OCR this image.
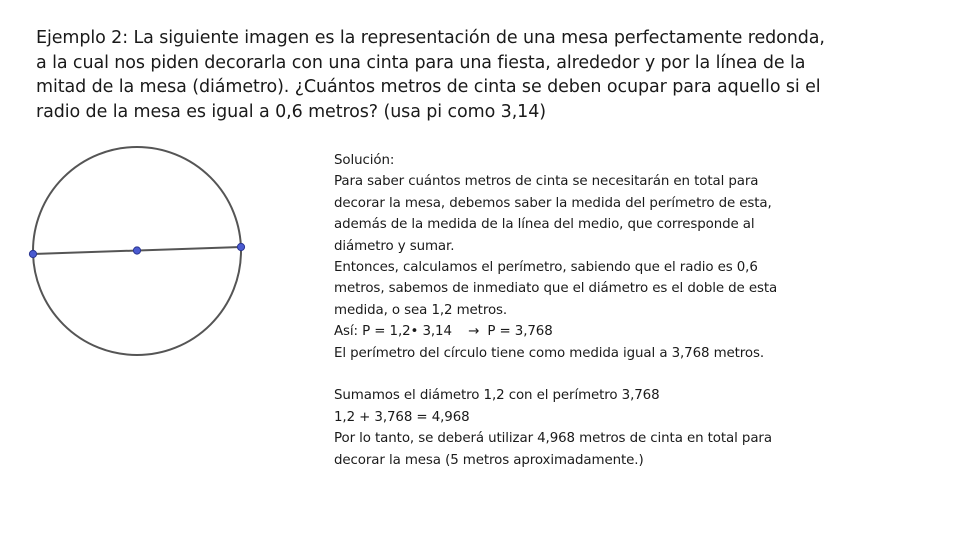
Ejemplo 2: La siguiente imagen es la representación de una mesa perfectamente redonda,
a la cual nos piden decorarla con una cinta para una fiesta, alrededor y por la línea de la
mitad de la mesa (diámetro). ¿Cuántos metros de cinta se deben ocupar para aquello si el
radio de la mesa es igual a 0,6 metros? (usa pi como 3,14)
Solución:
Para saber cuántos metros de cinta se necesitarán en total para
decorar la mesa, debemos saber la medida del perímetro de esta,
además de la medida de la línea del medio, que corresponde al
diámetro y sumar.
Entonces, calculamos el perímetro, sabiendo que el radio es 0,6
metros, sabemos de inmediato que el diámetro es el doble de esta
medida, o sea 1,2 metros.
Así: P = 1,2• 3,14 → P = 3,768
El perímetro del círculo tiene como medida igual a 3,768 metros.
Sumamos el diámetro 1,2 con el perímetro 3,768
1,2 + 3,768 = 4,968
Por lo tanto, se deberá utilizar 4,968 metros de cinta en total para
decorar la mesa (5 metros aproximadamente.)
